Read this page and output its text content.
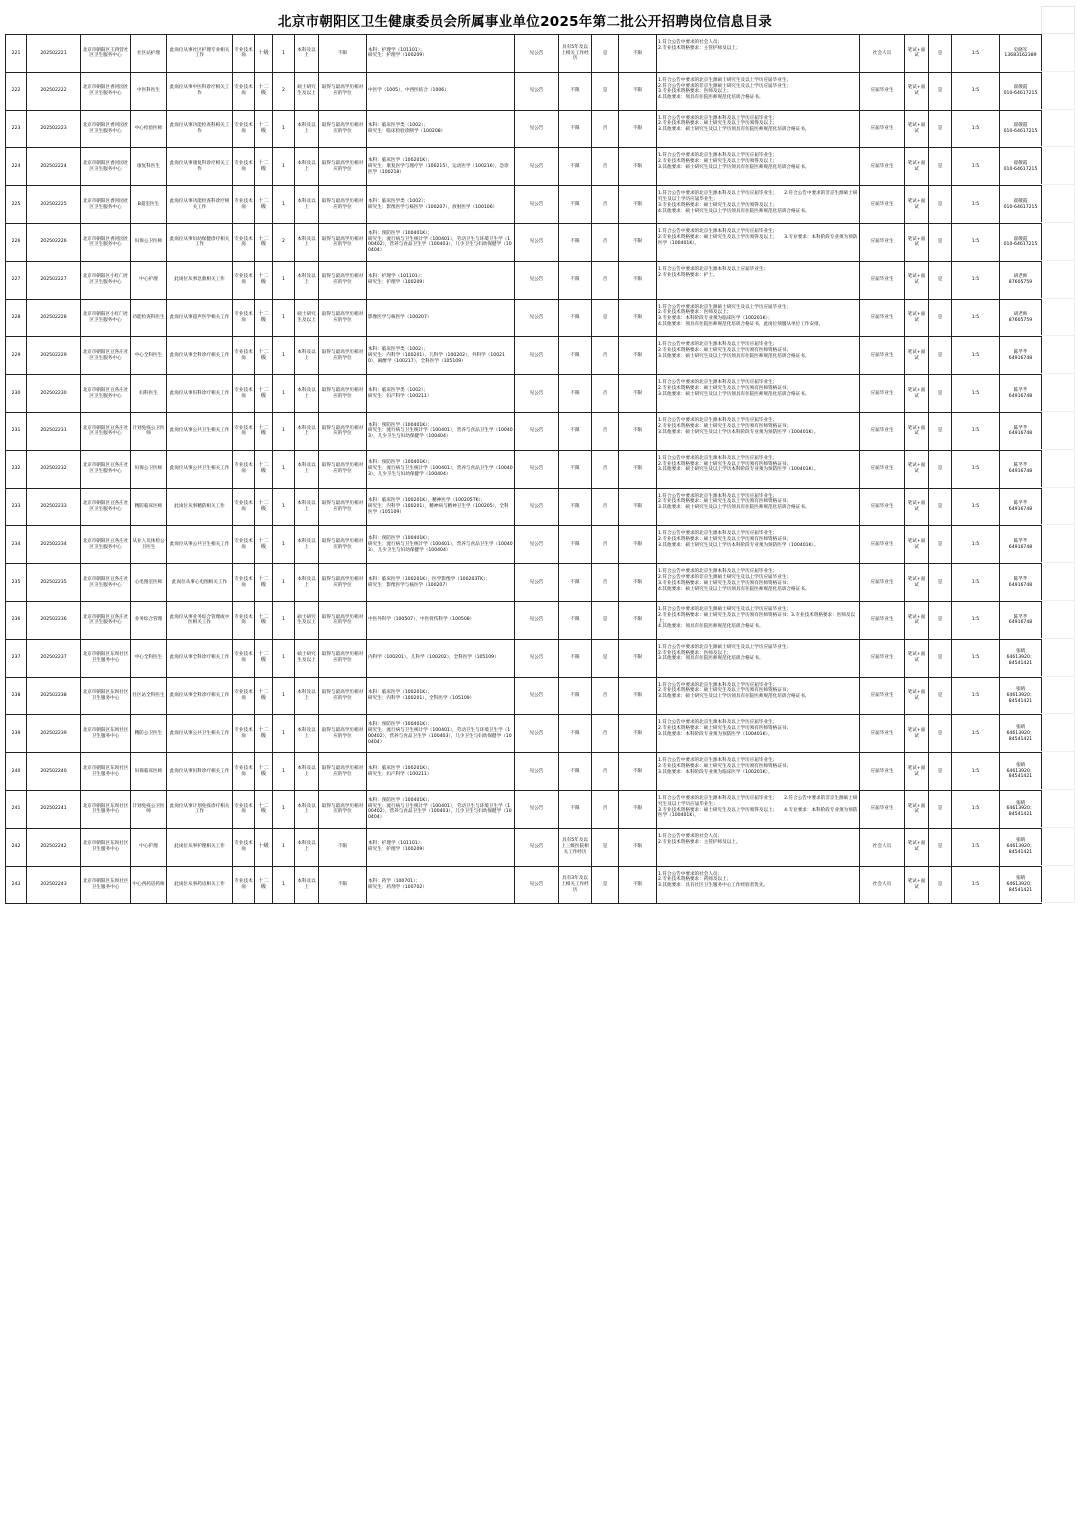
北京市朝阳区卫生健康委员会所属事业单位2025年第二批公开招聘岗位信息目录
221	202502221	北京市朝阳区王四营社区卫生服务中心	社区站护理	此岗位从事社区护理专业相关工作	专业技术岗	十级	1	本科及以上	不限	本科：护理学（101101）；
研究生：护理学（100209）	见公告	具有5年及以上相关工作经历	是	不限	1.符合公告中要求的社会人员；
2.专业技术资格要求：主管护师及以上；	社会人员	笔试+面试	是	1:5	史晓军
13683162389
222	202502222	北京市朝阳区香河园社区卫生服务中心	中医科医生	此岗位从事中医科诊疗相关工作	专业技术岗	十二级	2	硕士研究生及以上	取得与最高学历相对应的学位	中医学（1005），中西医结合（1006）	见公告	不限	是	不限	1.符合公告中要求的北京生源硕士研究生及以上学历应届毕业生；
2.符合公告中要求的非京生源硕士研究生及以上学历应届毕业生；
3.专业技术资格要求：医师及以上；
4.其他要求：须具有住院医师规范化培训合格证书。	应届毕业生	笔试+面试	是	1:5	翟敬霞
010-64617215
223	202502223	北京市朝阳区香河园社区卫生服务中心	中心检验医师	此岗位从事功能检查科相关工作	专业技术岗	十二级	1	本科及以上	取得与最高学历相对应的学位	本科：临床医学类（1002）；
研究生：临床检验诊断学（100208）	见公告	不限	否	不限	1.符合公告中要求的北京生源本科及以上学历应届毕业生；
2.专业技术资格要求：硕士研究生及以上学历须得及以上；
3.其他要求：硕士研究生及以上学历须具有住院医师规范化培训合格证书。	应届毕业生	笔试+面试	是	1:5	翟敬霞
010-64617215
224	202502224	北京市朝阳区香河园社区卫生服务中心	康复科医生	此岗位从事康复科诊疗相关工作	专业技术岗	十二级	1	本科及以上	取得与最高学历相对应的学位	本科：临床医学（100201K）；
研究生：康复医学与理疗学（100215），运动医学（100216），急诊医学（100218）	见公告	不限	否	不限	1.符合公告中要求的北京生源本科及以上学历应届毕业生；
2.专业技术资格要求：硕士研究生及以上学历须得及以上；
3.其他要求：硕士研究生及以上学历须具有住院医师规范化培训合格证书。	应届毕业生	笔试+面试	是	1:5	翟敬霞
010-64617215
225	202502225	北京市朝阳区香河园社区卫生服务中心	B超室医生	此岗位从事功能检查科诊疗相关工作	专业技术岗	十二级	1	本科及以上	取得与最高学历相对应的学位	本科：临床医学类（1002）；
研究生：影像医学与核医学（100207），放射医学（100106）	见公告	不限	否	不限	1.符合公告中要求的北京生源本科及以上学历应届毕业生；　　2.符合公告中要求的非京生源硕士研究生及以上学历应届毕业生；
3.专业技术资格要求：硕士研究生及以上学历须得及以上；
4.其他要求：硕士研究生及以上学历须具有住院医师规范化培训合格证书。	应届毕业生	笔试+面试	是	1:5	翟敬霞
010-64617215
226	202502226	北京市朝阳区香河园社区卫生服务中心	妇保公卫医师	此岗位从事妇幼保健诊疗相关工作	专业技术岗	十二级	2	本科及以上	取得与最高学历相对应的学位	本科：预防医学（100401K）；
研究生：流行病与卫生统计学（100401），劳动卫生与环境卫生学（100402），营养与食品卫生学（100403），儿少卫生与妇幼保健学（100404）	见公告	不限	否	不限	1.符合公告中要求的北京生源本科及以上学历应届毕业生；
2.专业技术资格要求：硕士研究生及以上学历须得及以上；　　3.专业要求：本科阶段专业须为预防医学（100401K）。	应届毕业生	笔试+面试	是	1:5	翟敬霞
010-64617215
227	202502227	北京市朝阳区小红门社区卫生服务中心	中心护理	此岗位从事急救相关工作	专业技术岗	十二级	1	本科及以上	取得与最高学历相对应的学位	本科：护理学（101101）；
研究生：护理学（100209）	见公告	不限	否	不限	1.符合公告中要求的北京生源本科及以上应届毕业生；
2.专业技术资格要求：护士。	应届毕业生	笔试+面试	是	1:5	胡老师
87605759
228	202502228	北京市朝阳区小红门社区卫生服务中心	功能检查科医生	此岗位从事超声医学相关工作	专业技术岗	十二级	1	硕士研究生及以上	取得与最高学历相对应的学位	影像医学与核医学（100207）	见公告	不限	是	不限	1.符合公告中要求的北京生源硕士研究生及以上学历应届毕业生；
2.专业技术资格要求：医师及以上；
3.专业要求：本科阶段专业须为临床医学（100201K）；
4.其他要求：须具有住院医师规范化培训合格证书，此岗位须服从单位工作安排。	应届毕业生	笔试+面试	是	1:5	胡老师
87605759
229	202502229	北京市朝阳区豆各庄社区卫生服务中心	中心全科医生	此岗位从事全科诊疗相关工作	专业技术岗	十二级	1	本科及以上	取得与最高学历相对应的学位	本科：临床医学类（1002）；
研究生：内科学（100201），儿科学（100202），外科学（100210），麻醉学（100217），全科医学（105109）	见公告	不限	否	不限	1.符合公告中要求的北京生源本科及以上学历应届毕业生；
2.专业技术资格要求：硕士研究生及以上学历须有医师资格证书；
3.其他要求：硕士研究生及以上学历须具有住院医师规范化培训合格证书。	应届毕业生	笔试+面试	是	1:5	陈芊芊
64916748
230	202502230	北京市朝阳区豆各庄社区卫生服务中心	妇科医生	此岗位从事妇科诊疗相关工作	专业技术岗	十二级	1	本科及以上	取得与最高学历相对应的学位	本科：临床医学类（1002）；
研究生：妇产科学（100211）	见公告	不限	否	不限	1.符合公告中要求的北京生源本科及以上学历应届毕业生；
2.专业技术资格要求：硕士研究生及以上学历须有医师资格证书；
3.其他要求：硕士研究生及以上学历须具有住院医师规范化培训合格证书。	应届毕业生	笔试+面试	是	1:5	陈芊芊
64916748
231	202502231	北京市朝阳区豆各庄社区卫生服务中心	计划免疫公卫医师	此岗位从事公共卫生相关工作	专业技术岗	十二级	1	本科及以上	取得与最高学历相对应的学位	本科：预防医学（100401K）；
研究生：流行病与卫生统计学（100401），营养与食品卫生学（100403），儿少卫生与妇幼保健学（100404）	见公告	不限	否	不限	1.符合公告中要求的北京生源本科及以上学历应届毕业生；
2.专业技术资格要求：硕士研究生及以上学历须有医师资格证书；
3.其他要求：硕士研究生及以上学历本科阶段专业须为预防医学（100401K）。	应届毕业生	笔试+面试	是	1:5	陈芊芊
64916748
232	202502232	北京市朝阳区豆各庄社区卫生服务中心	妇保公卫医师	此岗位从事公共卫生相关工作	专业技术岗	十二级	1	本科及以上	取得与最高学历相对应的学位	本科：预防医学（100401K）；
研究生：流行病与卫生统计学（100401），营养与食品卫生学（100403），儿少卫生与妇幼保健学（100404）	见公告	不限	否	不限	1.符合公告中要求的北京生源本科及以上学历应届毕业生；
2.专业技术资格要求：硕士研究生及以上学历须有医师资格证书；
3.其他要求：硕士研究生及以上学历本科阶段专业须为预防医学（100401K）。	应届毕业生	笔试+面试	是	1:5	陈芊芊
64916748
233	202502233	北京市朝阳区豆各庄社区卫生服务中心	精防临床医师	此岗位从事精防相关工作	专业技术岗	十二级	1	本科及以上	取得与最高学历相对应的学位	本科：临床医学（100201K），精神医学（100205TK）；
研究生：内科学（100201），精神病与精神卫生学（100205），全科医学（105109）	见公告	不限	否	不限	1.符合公告中要求的北京生源本科及以上学历应届毕业生；
2.专业技术资格要求：硕士研究生及以上学历须有医师资格证书；
3.其他要求：硕士研究生及以上学历须具有住院医师规范化培训合格证书。	应届毕业生	笔试+面试	是	1:5	陈芊芊
64916748
234	202502234	北京市朝阳区豆各庄社区卫生服务中心	从业人员体检公卫医生	此岗位从事公共卫生相关工作	专业技术岗	十二级	1	本科及以上	取得与最高学历相对应的学位	本科：预防医学（100401K）；
研究生：流行病与卫生统计学（100401），营养与食品卫生学（100403），儿少卫生与妇幼保健学（100404）	见公告	不限	否	不限	1.符合公告中要求的北京生源本科及以上学历应届毕业生；
2.专业技术资格要求：硕士研究生及以上学历须有医师资格证书；
3.其他要求：硕士研究生及以上学历本科阶段专业须为预防医学（100401K）。	应届毕业生	笔试+面试	是	1:5	陈芊芊
64916748
235	202502235	北京市朝阳区豆各庄社区卫生服务中心	心电图室医师	此岗位从事心电图相关工作	专业技术岗	十二级	1	本科及以上	取得与最高学历相对应的学位	本科：临床医学（100201K），医学影像学（100203TK）；
研究生：影像医学与核医学（100207）	见公告	不限	否	不限	1.符合公告中要求的北京生源本科及以上学历应届毕业生；
2.符合公告中要求的非京生源硕士研究生及以上学历应届毕业生；
3.专业技术资格要求：硕士研究生及以上学历须有医师资格证书；
4.其他要求：硕士研究生及以上学历须具有住院医师规范化培训合格证书。	应届毕业生	笔试+面试	是	1:5	陈芊芊
64916748
236	202502236	北京市朝阳区豆各庄社区卫生服务中心	业务综合管理	此岗位从事业务综合管理或中医相关工作	专业技术岗	十二级	1	硕士研究生及以上	取得与最高学历相对应的学位	中医外科学（100507），中医骨伤科学（100508）	见公告	不限	是	不限	1.符合公告中要求的北京生源硕士研究生及以上学历应届毕业生；
2.专业技术资格要求：硕士研究生及以上学历须有医师资格证书；3.专业技术资格要求：医师及以上；
4.其他要求：须具有住院医师规范化培训合格证书。	应届毕业生	笔试+面试	是	1:5	陈芊芊
64916748
237	202502237	北京市朝阳区东坝社区卫生服务中心	中心全科医生	此岗位从事全科诊疗相关工作	专业技术岗	十二级	1	硕士研究生及以上	取得与最高学历相对应的学位	内科学（100201），儿科学（100202），全科医学（105109）	见公告	不限	是	不限	1.符合公告中要求的北京生源硕士研究生及以上学历应届毕业生；
2.专业技术资格要求：医师及以上；
3.其他要求：须具有住院医师规范化培训合格证书。	应届毕业生	笔试+面试	是	1:5	张晴
64613920；
84541421
238	202502238	北京市朝阳区东坝社区卫生服务中心	社区站全科医生	此岗位从事全科诊疗相关工作	专业技术岗	十二级	1	本科及以上	取得与最高学历相对应的学位	本科：临床医学（100201K）；
研究生：内科学（100201），全科医学（105109）	见公告	不限	否	不限	1.符合公告中要求的北京生源本科及以上学历应届毕业生；
2.专业技术资格要求：硕士研究生及以上学历须有医师资格证书；
3.其他要求：硕士研究生及以上学历须具有住院医师规范化培训合格证书。	应届毕业生	笔试+面试	是	1:5	张晴
64613920；
84541421
239	202502239	北京市朝阳区东坝社区卫生服务中心	精防公卫医生	此岗位从事公共卫生相关工作	专业技术岗	十二级	1	本科及以上	取得与最高学历相对应的学位	本科：预防医学（100401K）；
研究生：流行病与卫生统计学（100401），劳动卫生与环境卫生学（100402），营养与食品卫生学（100403），儿少卫生与妇幼保健学（100404）	见公告	不限	否	不限	1.符合公告中要求的北京生源本科及以上学历应届毕业生；
2.专业技术资格要求：硕士研究生及以上学历须有医师资格证书；
3.其他要求：本科阶段专业须为预防医学（100401K）。	应届毕业生	笔试+面试	是	1:5	张晴
64613920；
84541421
240	202502240	北京市朝阳区东坝社区卫生服务中心	妇保临床医师	此岗位从事妇科诊疗相关工作	专业技术岗	十二级	1	本科及以上	取得与最高学历相对应的学位	本科：临床医学（100201K）；
研究生：妇产科学（100211）	见公告	不限	否	不限	1.符合公告中要求的北京生源本科及以上学历应届毕业生；
2.专业技术资格要求：硕士研究生及以上学历须有医师资格证书；
3.其他要求：本科阶段专业须为临床医学（100201K）。	应届毕业生	笔试+面试	是	1:5	张晴
64613920；
84541421
241	202502241	北京市朝阳区东坝社区卫生服务中心	计划免疫公卫医师	此岗位从事计划免疫诊疗相关工作	专业技术岗	十二级	1	本科及以上	取得与最高学历相对应的学位	本科：预防医学（100401K）；
研究生：流行病与卫生统计学（100401），劳动卫生与环境卫生学（100402），营养与食品卫生学（100403），儿少卫生与妇幼保健学（100404）	见公告	不限	否	不限	1.符合公告中要求的北京生源本科及以上学历应届毕业生；　　2.符合公告中要求的非京生源硕士研究生及以上学历应届毕业生；
3.专业技术资格要求：硕士研究生及以上学历须得及以上；　　4.专业要求：本科阶段专业须为预防医学（100401K）。	应届毕业生	笔试+面试	是	1:5	张晴
64613920；
84541421
242	202502242	北京市朝阳区东坝社区卫生服务中心	中心护理	此岗位从事护理相关工作	专业技术岗	十级	1	本科及以上	不限	本科：护理学（101101）；
研究生：护理学（100209）	见公告	具有5年及以上三级医院相关工作经历	是	不限	1.符合公告中要求的社会人员；
2.专业技术资格要求：主管护师及以上。	社会人员	笔试+面试	是	1:5	张晴
64613920；
84541421
243	202502243	北京市朝阳区东坝社区卫生服务中心	中心西药房药师	此岗位从事药房相关工作	专业技术岗	十二级	1	本科及以上	不限	本科：药学（100701）；
研究生：药剂学（100702）	见公告	具有3年及以上相关工作经历	是	不限	1.符合公告中要求的社会人员；
2.专业技术资格要求：药师及以上；
3.其他要求：具有社区卫生服务中心工作经验者优先。	社会人员	笔试+面试	是	1:5	张晴
64613920；
84541421
